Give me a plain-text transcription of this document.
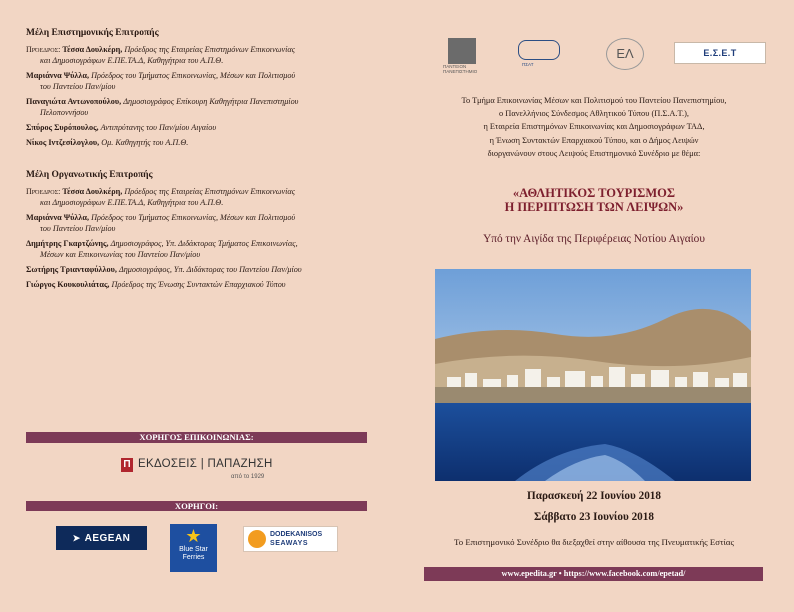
Μέλη Επιστημονικής Επιτροπής
Πρόεδρος: Τέσσα Δουλκέρη, Πρόεδρος της Εταιρείας Επιστημόνων Επικοινωνίας
και Δημοσιογράφων Ε.ΠΕ.ΤΑ.Δ, Καθηγήτρια του Α.Π.Θ.
Μαριάννα Ψύλλα, Πρόεδρος του Τμήματος Επικοινωνίας, Μέσων και Πολιτισμού
του Παντείου Παν/μίου
Παναγιώτα Αντωνοπούλου, Δημοσιογράφος Επίκουρη Καθηγήτρια Πανεπιστημίου
Πελοποννήσου
Σπύρος Συρόπουλος, Αντιπρύτανης του Παν/μίου Αιγαίου
Νίκος Ιντζεσίλογλου, Ομ. Καθηγητής του Α.Π.Θ.
Μέλη Οργανωτικής Επιτροπής
Πρόεδρος: Τέσσα Δουλκέρη, Πρόεδρος της Εταιρείας Επιστημόνων Επικοινωνίας
και Δημοσιογράφων Ε.ΠΕ.ΤΑ.Δ, Καθηγήτρια του Α.Π.Θ.
Μαριάννα Ψύλλα, Πρόεδρος του Τμήματος Επικοινωνίας, Μέσων και Πολιτισμού
του Παντείου Παν/μίου
Δημήτρης Γκαρτζώνης, Δημοσιογράφος, Υπ. Διδάκτορας Τμήματος Επικοινωνίας,
Μέσων και Επικοινωνίας του Παντείου Παν/μίου
Σωτήρης Τριανταφύλλου, Δημοσιογράφος, Υπ. Διδάκτορας του Παντείου Παν/μίου
Γιώργος Κουκουλιάτας, Πρόεδρος της Ένωσης Συντακτών Επαρχιακού Τύπου
ΧΟΡΗΓΟΣ ΕΠΙΚΟΙΝΩΝΙΑΣ:
Π ΕΚΔΟΣΕΙΣ | ΠΑΠΑΖΗΣΗ
από το 1929
ΧΟΡΗΓΟΙ:
➤ AEGEAN	★
Blue Star
Ferries
DODEKANISOS
SEAWAYS
ΠΑΝΤΕΙΟΝ ΠΑΝΕΠΙΣΤΗΜΙΟ
ΠΣΑΤ
ΕΛ	Ε.Σ.Ε.Τ
Το Τμήμα Επικοινωνίας Μέσων και Πολιτισμού του Παντείου Πανεπιστημίου,
ο Πανελλήνιος Σύνδεσμος Αθλητικού Τύπου (Π.Σ.Α.Τ.),
η Εταιρεία Επιστημόνων Επικοινωνίας και Δημοσιογράφων ΤΑΔ,
η Ένωση Συντακτών Επαρχιακού Τύπου, και ο Δήμος Λειψών
διοργανώνουν στους Λειψούς Επιστημονικό Συνέδριο με θέμα:
«ΑΘΛΗΤΙΚΟΣ ΤΟΥΡΙΣΜΟΣ
Η ΠΕΡΙΠΤΩΣΗ ΤΩΝ ΛΕΙΨΩΝ»
Υπό την Αιγίδα της Περιφέρειας Νοτίου Αιγαίου
Παρασκευή 22 Ιουνίου 2018
Σάββατο 23 Ιουνίου 2018
Το Επιστημονικό Συνέδριο θα διεξαχθεί στην αίθουσα της Πνευματικής Εστίας
www.epedita.gr • https://www.facebook.com/epetad/
